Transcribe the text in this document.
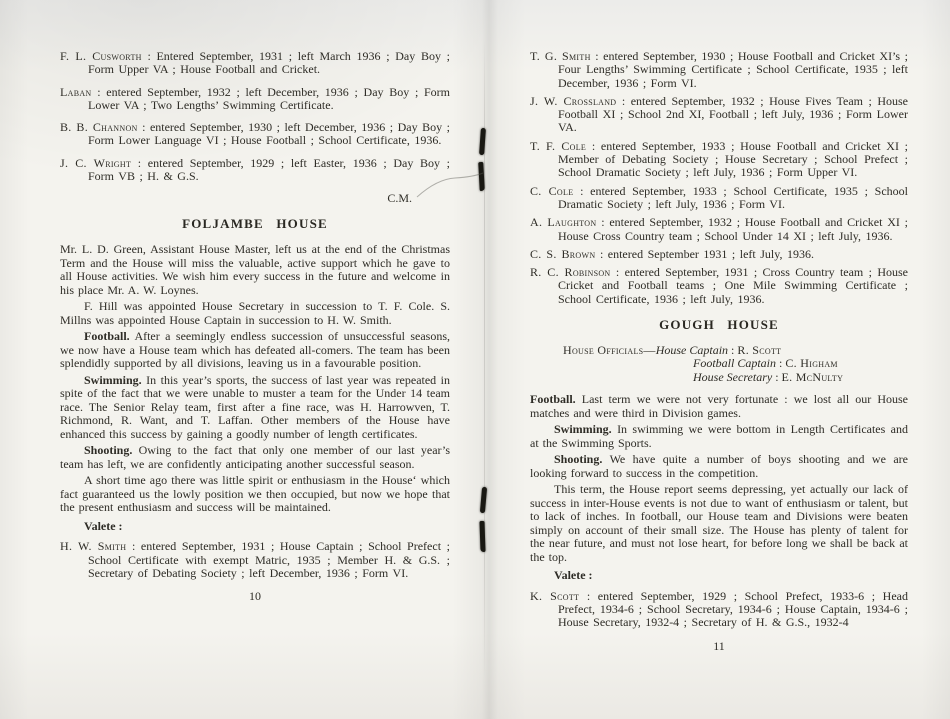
F. L. Cusworth : Entered September, 1931 ; left March 1936 ; Day Boy ; Form Upper VA ; House Football and Cricket.

Laban : entered September, 1932 ; left December, 1936 ; Day Boy ; Form Lower VA ; Two Lengths’ Swimming Certificate.

B. B. Channon : entered September, 1930 ; left December, 1936 ; Day Boy ; Form Lower Language VI ; House Football ; School Certificate, 1936.

J. C. Wright : entered September, 1929 ; left Easter, 1936 ; Day Boy ; Form VB ; H. & G.S.

C.M.

FOLJAMBE HOUSE

Mr. L. D. Green, Assistant House Master, left us at the end of the Christmas Term and the House will miss the valuable, active support which he gave to all House activities. We wish him every success in the future and welcome in his place Mr. A. W. Loynes.

F. Hill was appointed House Secretary in succession to T. F. Cole. S. Millns was appointed House Captain in succession to H. W. Smith.

Football. After a seemingly endless succession of unsuccessful seasons, we now have a House team which has defeated all-comers. The team has been splendidly supported by all divisions, leaving us in a favourable position.

Swimming. In this year’s sports, the success of last year was repeated in spite of the fact that we were unable to muster a team for the Under 14 team race. The Senior Relay team, first after a fine race, was H. Harrowven, T. Richmond, R. Want, and T. Laffan. Other members of the House have enhanced this success by gaining a goodly number of length certificates.

Shooting. Owing to the fact that only one member of our last year’s team has left, we are confidently anticipating another successful season.

A short time ago there was little spirit or enthusiasm in the House‘ which fact guaranteed us the lowly position we then occupied, but now we hope that the present enthusiasm and success will be maintained.

Valete :

H. W. Smith : entered September, 1931 ; House Captain ; School Prefect ; School Certificate with exempt Matric, 1935 ; Member H. & G.S. ; Secretary of Debating Society ; left December, 1936 ; Form VI.

10

T. G. Smith : entered September, 1930 ; House Football and Cricket XI’s ; Four Lengths’ Swimming Certificate ; School Certificate, 1935 ; left December, 1936 ; Form VI.

J. W. Crossland : entered September, 1932 ; House Fives Team ; House Football XI ; School 2nd XI, Football ; left July, 1936 ; Form Lower VA.

T. F. Cole : entered September, 1933 ; House Football and Cricket XI ; Member of Debating Society ; House Secretary ; School Prefect ; School Dramatic Society ; left July, 1936 ; Form Upper VI.

C. Cole : entered September, 1933 ; School Certificate, 1935 ; School Dramatic Society ; left July, 1936 ; Form VI.

A. Laughton : entered September, 1932 ; House Football and Cricket XI ; House Cross Country team ; School Under 14 XI ; left July, 1936.

C. S. Brown : entered September 1931 ; left July, 1936.

R. C. Robinson : entered September, 1931 ; Cross Country team ; House Cricket and Football teams ; One Mile Swimming Certificate ; School Certificate, 1936 ; left July, 1936.

GOUGH HOUSE
House Officials—House Captain : R. Scott
Football Captain : C. Higham
House Secretary : E. McNulty

Football. Last term we were not very fortunate : we lost all our House matches and were third in Division games.

Swimming. In swimming we were bottom in Length Certificates and at the Swimming Sports.

Shooting. We have quite a number of boys shooting and we are looking forward to success in the competition.

This term, the House report seems depressing, yet actually our lack of success in inter-House events is not due to want of enthusiasm or talent, but to lack of inches. In football, our House team and Divisions were beaten simply on account of their small size. The House has plenty of talent for the near future, and must not lose heart, for before long we shall be back at the top.

Valete :

K. Scott : entered September, 1929 ; School Prefect, 1933-6 ; Head Prefect, 1934-6 ; School Secretary, 1934-6 ; House Captain, 1934-6 ; House Secretary, 1932-4 ; Secretary of H. & G.S., 1932-4

11
